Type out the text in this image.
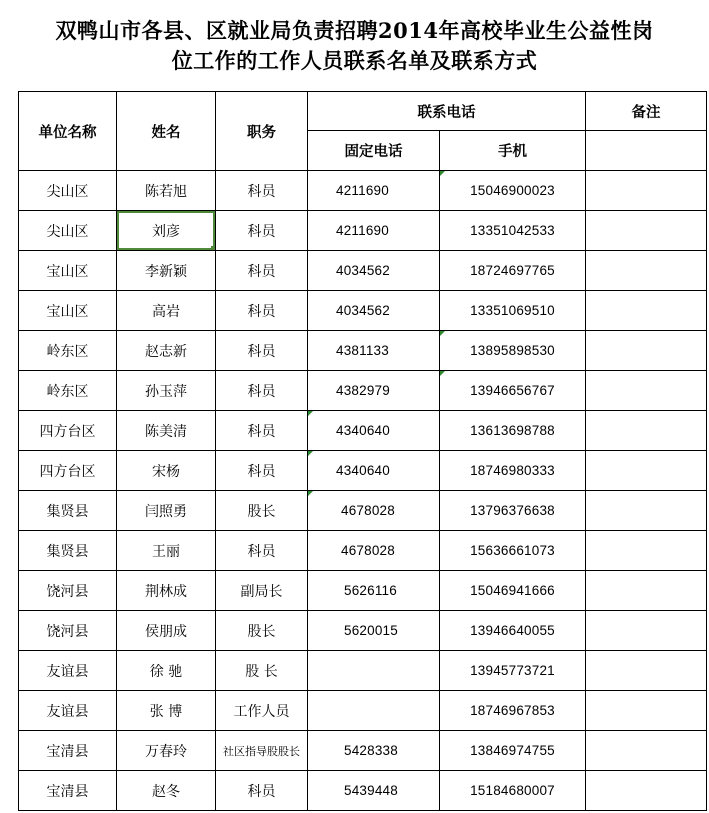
双鸭山市各县、区就业局负责招聘2014年高校毕业生公益性岗
位工作的工作人员联系名单及联系方式
单位名称	姓名	职务	联系电话		备注
			固定电话	手机	
尖山区	陈若旭	科员	4211690	15046900023	
尖山区	刘彦	科员	4211690	13351042533	
宝山区	李新颖	科员	4034562	18724697765	
宝山区	高岩	科员	4034562	13351069510	
岭东区	赵志新	科员	4381133	13895898530	
岭东区	孙玉萍	科员	4382979	13946656767	
四方台区	陈美清	科员	4340640	13613698788	
四方台区	宋杨	科员	4340640	18746980333	
集贤县	闫照勇	股长	4678028	13796376638	
集贤县	王丽	科员	4678028	15636661073	
饶河县	荆林成	副局长	5626116	15046941666	
饶河县	侯朋成	股长	5620015	13946640055	
友谊县	徐 驰	股 长		13945773721	
友谊县	张 博	工作人员		18746967853	
宝清县	万春玲	社区指导股股长	5428338	13846974755	
宝清县	赵冬	科员	5439448	15184680007	
